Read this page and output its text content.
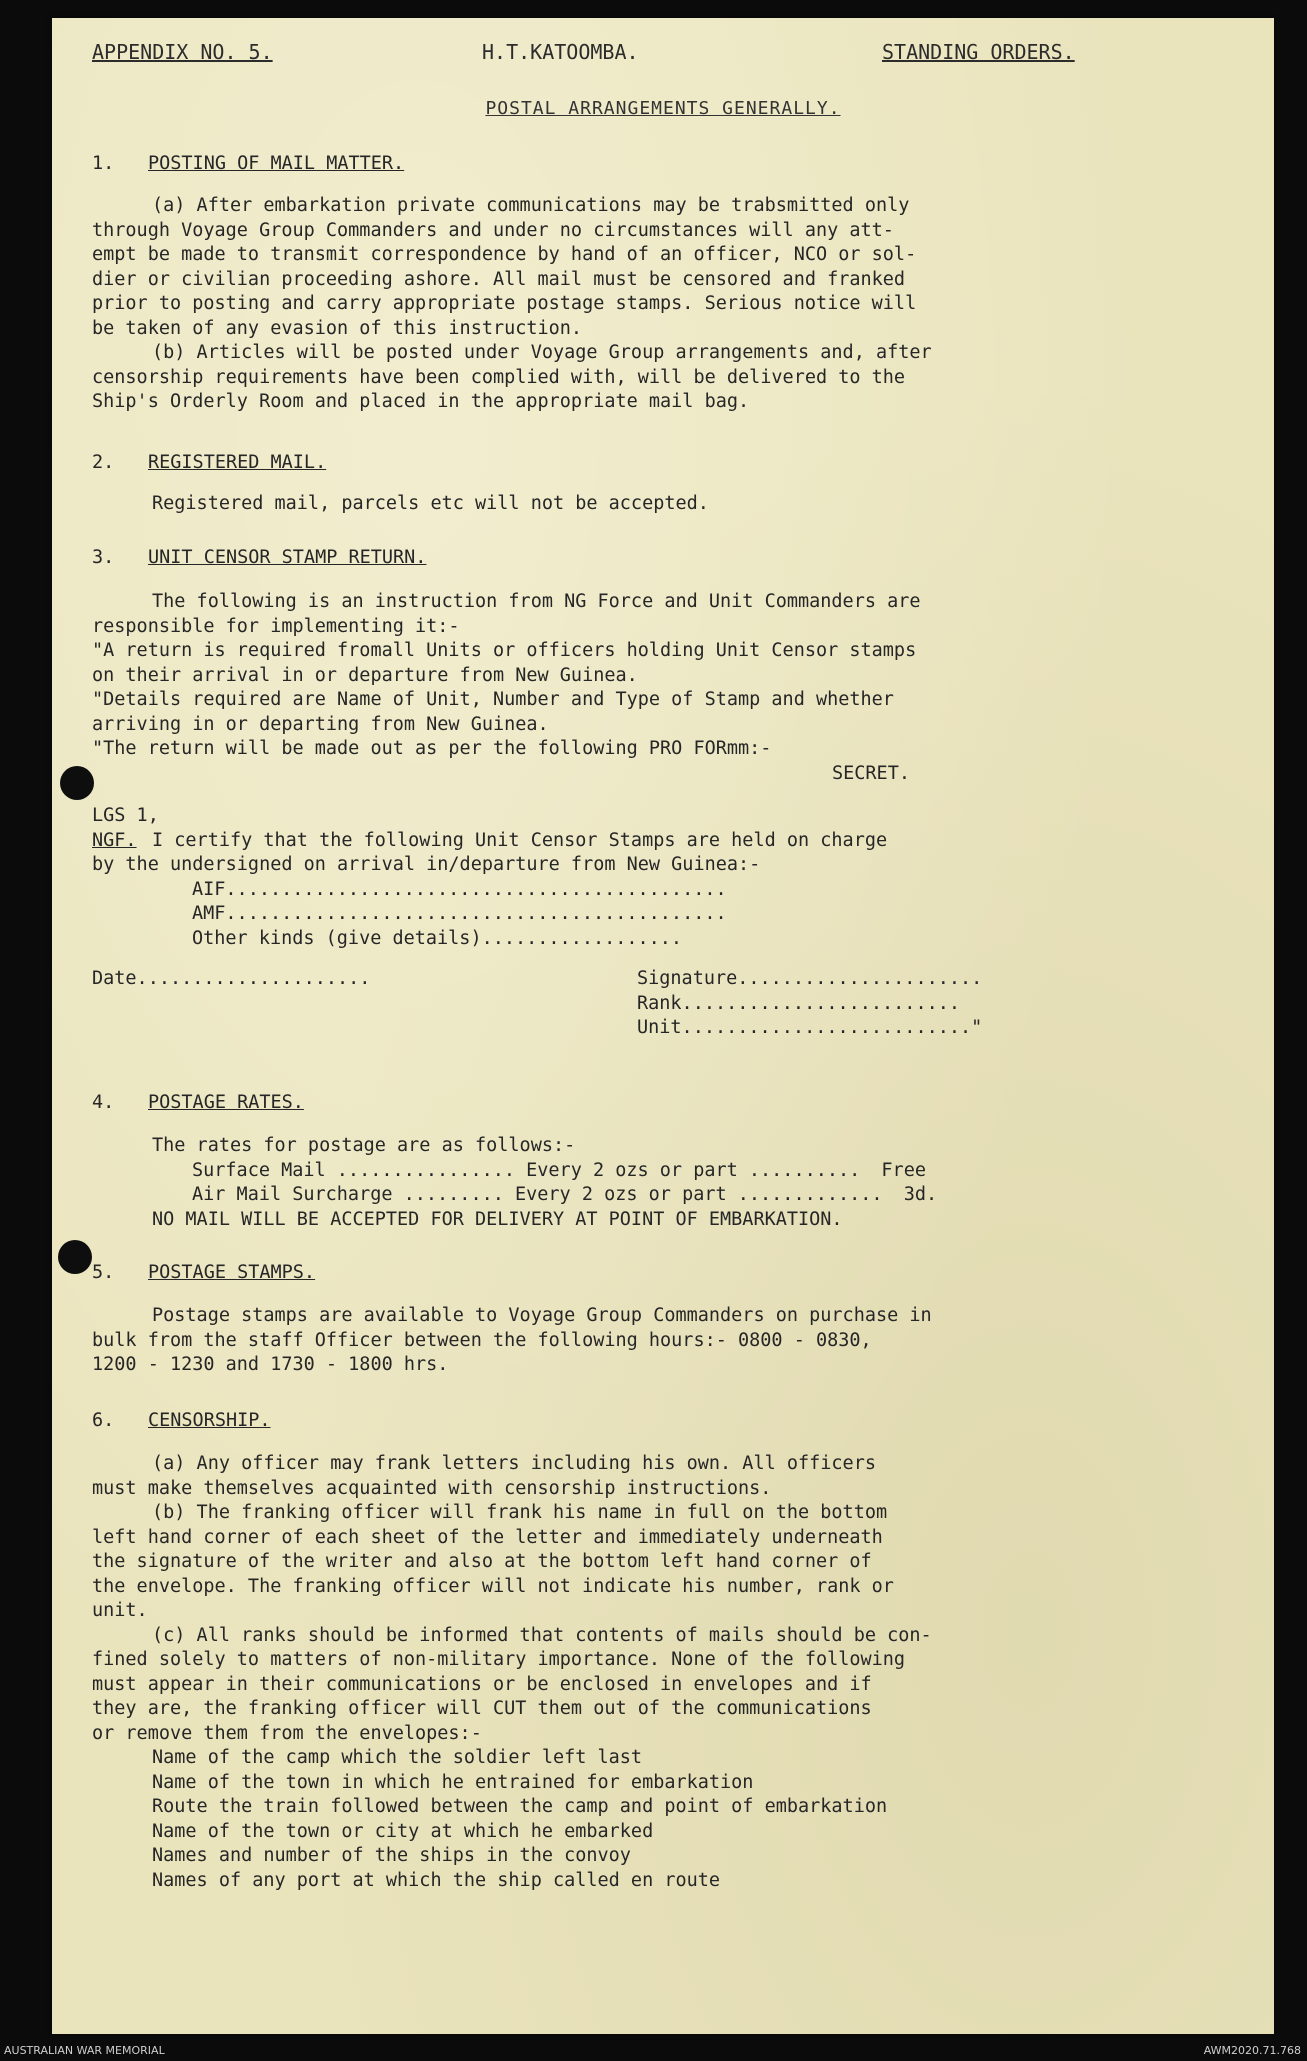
APPENDIX NO. 5.	H.T.KATOOMBA.	STANDING ORDERS.
POSTAL ARRANGEMENTS GENERALLY.
1. POSTING OF MAIL MATTER.
(a) After embarkation private communications may be trabsmitted only
through Voyage Group Commanders and under no circumstances will any att-
empt be made to transmit correspondence by hand of an officer, NCO or sol-
dier or civilian proceeding ashore. All mail must be censored and franked
prior to posting and carry appropriate postage stamps. Serious notice will
be taken of any evasion of this instruction.
(b) Articles will be posted under Voyage Group arrangements and, after
censorship requirements have been complied with, will be delivered to the
Ship's Orderly Room and placed in the appropriate mail bag.
2. REGISTERED MAIL.
Registered mail, parcels etc will not be accepted.
3. UNIT CENSOR STAMP RETURN.
The following is an instruction from NG Force and Unit Commanders are
responsible for implementing it:-
"A return is required fromall Units or officers holding Unit Censor stamps
on their arrival in or departure from New Guinea.
"Details required are Name of Unit, Number and Type of Stamp and whether
arriving in or departing from New Guinea.
"The return will be made out as per the following PRO FORmm:-
SECRET.
LGS 1,
NGF. I certify that the following Unit Censor Stamps are held on charge
by the undersigned on arrival in/departure from New Guinea:-
AIF.............................................
AMF.............................................
Other kinds (give details)..................
Date.....................	Signature......................
Rank.........................
Unit.........................."
4. POSTAGE RATES.
The rates for postage are as follows:-
Surface Mail ................ Every 2 ozs or part .......... Free
Air Mail Surcharge ......... Every 2 ozs or part ............. 3d.
NO MAIL WILL BE ACCEPTED FOR DELIVERY AT POINT OF EMBARKATION.
5. POSTAGE STAMPS.
Postage stamps are available to Voyage Group Commanders on purchase in
bulk from the staff Officer between the following hours:- 0800 - 0830,
1200 - 1230 and 1730 - 1800 hrs.
6. CENSORSHIP.
(a) Any officer may frank letters including his own. All officers
must make themselves acquainted with censorship instructions.
(b) The franking officer will frank his name in full on the bottom
left hand corner of each sheet of the letter and immediately underneath
the signature of the writer and also at the bottom left hand corner of
the envelope. The franking officer will not indicate his number, rank or
unit.
(c) All ranks should be informed that contents of mails should be con-
fined solely to matters of non-military importance. None of the following
must appear in their communications or be enclosed in envelopes and if
they are, the franking officer will CUT them out of the communications
or remove them from the envelopes:-
Name of the camp which the soldier left last
Name of the town in which he entrained for embarkation
Route the train followed between the camp and point of embarkation
Name of the town or city at which he embarked
Names and number of the ships in the convoy
Names of any port at which the ship called en route
AUSTRALIAN WAR MEMORIAL	AWM2020.71.768
